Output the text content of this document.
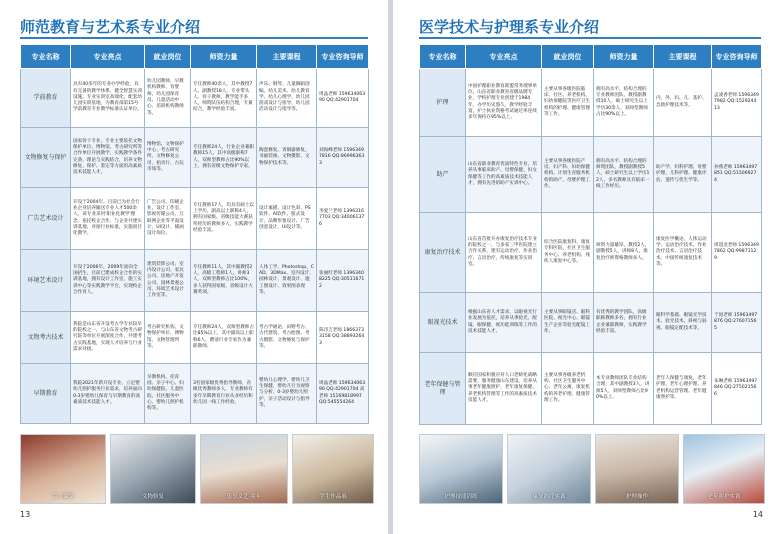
师范教育与艺术系专业介绍
专业名称	专业亮点	就业岗位	师资力量	主要课程	专业咨询导师
学前教育	具有40多年的专业办学经验，具有完备的教学体系、健全智慧实训设施。专业实训室高端化，配套幼儿园实训基地，为教育部第15号学前教育专业教学标准认证单位。	幼儿园教师、早教机构教师、育婴师、幼儿园保育员、儿童活动中心、培训机构教师等。	专任教师40余人，其中教授7人，副教授18人，专业带头人、骨干教师、教学能手多人。师资队伍结构合理，专兼结合，教学经验丰富。	声乐、钢琴、儿童舞蹈创编、幼儿美术、幼儿教育学、幼儿心理学、幼儿园游戏设计与指导、幼儿园活动设计与指导等。	周晶老师 15963406390 QQ:42901704
文物修复与保护	国家骨干专业，专业主要依托文物保护单位、博物馆、考古研究所等合作单位开展教学，实践教学条件完备，理论与实践结合，培养文物修复、保护、鉴定等方面的高素质技术技能人才。	博物馆、文物保护中心、考古研究所、文物修复公司、拍卖行、古玩市场等。	专任教师24人，行业企业兼职教师15人，其中高级职称7人，双师型教师占比90%以上，拥有省级文物保护专家。	陶瓷修复、青铜器修复、书画装裱、文物摄影、文物保护技术等。	刘海峰老师 15963497816 QQ:869963633
广告艺术设计	开设于2004年，目前已为社会行业企业培养输送专业人才500余人。该专业采用'职业化教学'理念，依托校企合作，与企业共建实训基地，对接行业标准，实施项目化教学。	广告公司、印刷企业、设计工作室、影视传媒公司、互联网企业等平面设计、UI设计、插画设计岗位。	专任教师17人，均具有硕士以上学历，副高以上职称4人，拥有国家级、省级技能大赛获奖经历的教师多人，实践教学经验丰富。	设计素描、设计色彩、PS软件、AI软件、版式设计、品牌形象设计、广告创意设计、UI设计等。	李爱兰老师 13963167703 QQ:340061376
环境艺术设计	开设于2006年，2009年面向全国招生，目前已建成校企合作的实训基地，拥有设计工作室、施工实训中心等实践教学平台，实现校企合作育人。	建筑装饰公司、室内设计公司、家具公司、房地产开发公司、园林景观公司、环境艺术设计工作室等。	专任教师11人，其中副教授2人，高级工程师1人，讲师3人，双师型教师占比100%，多人获得国家级、省级设计大赛奖项。	人体工学、Photoshop、CAD、3DMax、室内设计、园林设计、景观设计、施工图设计、效果图表现等。	张丽红老师 13963408225 QQ:305116712
文物考古技术	我院是山东省开设考古学专业较早的院校之一，与山东省文物考古研究院等单位开展深度合作，共建考古实践基地，实现人才培养与行业需求对接。	考古研究机构、文物保护单位、博物馆、文物管理所等。	专任教师24人，双师型教师占比85%以上，其中副高以上职称6人，聘请行业专家作为兼职教师。	考古学通论、田野考古、古代建筑、考古绘图、考古摄影、文物修复与保护等。	陈诗吉老师 18663733158 QQ:388932643
早期教育	我院2021年新开设专业。立足婴幼儿照护服务行业需求，培养面向0-3岁婴幼儿保育与早期教育的高素质技术技能人才。	早教机构、托育园、亲子中心、妇幼保健院、儿童医院、社区服务中心、婴幼儿照护机构等。	3名国家级优秀指导教师，省级优秀教师多人，专业教师有多年早期教育行业从业经历和幼儿园一线工作经验。	婴幼儿心理学、婴幼儿卫生保健、婴幼儿行为观察与分析、0-3岁婴幼儿照护、亲子活动设计与指导等。	周晶老师 15963406390 QQ:42901704 高老师 15169818997 QQ:545554264
手工课堂	文物修复	乐享文艺·童年	学生作品展
13
医学技术与护理系专业介绍
专业名称	专业亮点	就业岗位	师资力量	主要课程	专业咨询导师
护理	中国护理职业教育联盟常务理事单位，山东省职业教育省级品牌专业，学校护理专业创建于1984年，办学历史悠久，教学经验丰富，护士执业资格考试通过率连续多年保持在95%以上。	主要从事各级医院临床、社区、养老机构、妇幼保健院等医疗卫生机构的护理、健康管理等工作。	拥有高水平、结构合理的专业教师团队，教授副教授10人，硕士研究生以上学历30余人，双师型教师占比90%以上。	内、外、妇、儿、基护、急救护理技术等。	孟凌香老师 15963497982 QQ:152924413
助产	山东省职业教育优质特色专业，培养从事临床助产、母婴保健、妇女保健等工作的高素质技术技能人才，拥有先进的助产实训中心。	主要从事各级医院产房、妇产科、妇幼保健机构、计划生育服务机构的助产、母婴护理工作。	拥有高水平、结构合理的师资团队，教授副教授5人，硕士研究生以上学历12人，多名教师具有临床一线工作经历。	助产学、妇科护理、母婴护理、儿科护理、健康评估、遗传与优生学等。	孙燕老师 15963497851 QQ:515069274
康复治疗技术	山东省首批开办康复治疗技术专业的院校之一，与多家三甲医院建立合作关系，建有运动治疗、作业治疗、言语治疗、传统康复等实训室。	综合医院康复科、康复专科医院、社区卫生服务中心、养老机构、残疾人康复中心等。	师资力量雄厚，教授2人，副教授5人，讲师8人，康复治疗师资格教师多人。	康复医学概论、人体运动学、运动治疗技术、作业治疗技术、言语治疗技术、中国传统康复技术等。	周超龙老师 15963497862 QQ:99871129
眼视光技术	根据山东省人才需求，以眼视光行业发展为依托，培养从事验光、配镜、眼保健、视功能训练等工作的技术技能人才。	主要从事眼镜店、眼科医院、视光中心、眼镜生产企业等验光配镜工作。	有优秀的教学团队，高级职称教师多名，拥有行业企业兼职教师，实践教学经验丰富。	眼科学基础、眼镜光学技术、验光技术、斜视与弱视、眼镜定配技术等。	于国老师 15963497876 QQ:276071565
老年保健与管理	顺应国家积极应对人口老龄化战略需要，服务健康山东建设，培养从事老年健康照护、老年康复保健、养老机构管理等工作的高素质技术技能人才。	主要从事各级养老机构、社区卫生服务中心、老年公寓、康复机构的养老护理、健康管理工作。	本专业教师团队专业结构合理，其中副教授3人，讲师5人，双师型教师占比90%以上。	老年人保健与康复、老年护理、老年心理护理、养老机构运营管理、老年健康照护等。	朱琳老师 15963497846 QQ:275021566
护理技能训练	康复治疗实训	护理操作	老年照护实训
14
